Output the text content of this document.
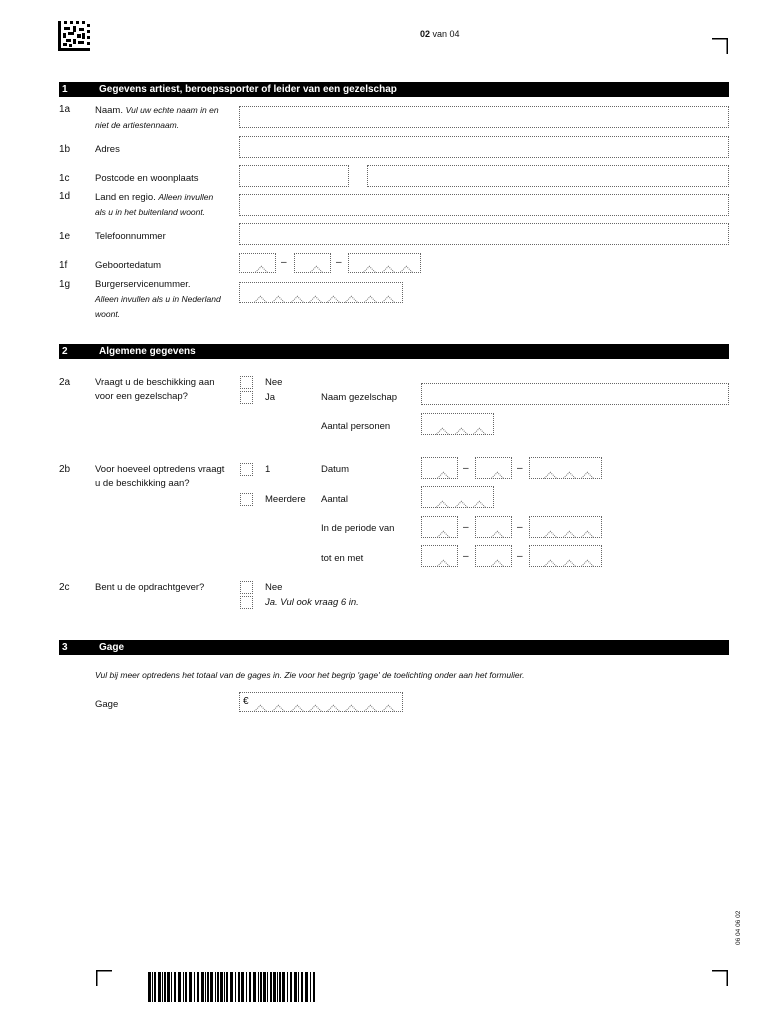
02 van 04
1	Gegevens artiest, beroepssporter of leider van een gezelschap
1a	Naam. Vul uw echte naam in en niet de artiestennaam.
1b	Adres
1c	Postcode en woonplaats
1d	Land en regio. Alleen invullen als u in het buitenland woont.
1e	Telefoonnummer
1f	Geboortedatum	–	–
1g	Burgerservicenummer.
Alleen invullen als u in Nederland woont.
2	Algemene gegevens
2a	Vraagt u de beschikking aan voor een gezelschap?
Nee
Ja	Naam gezelschap
Aantal personen
2b	Voor hoeveel optredens vraagt u de beschikking aan?
1	Datum	–	–
Meerdere Aantal
In de periode van	–	–
tot en met	–	–
2c	Bent u de opdrachtgever?	Nee
Ja. Vul ook vraag 6 in.
3	Gage
Vul bij meer optredens het totaal van de gages in. Zie voor het begrip 'gage' de toelichting onder aan het formulier.
Gage	€
06 04 06 02
